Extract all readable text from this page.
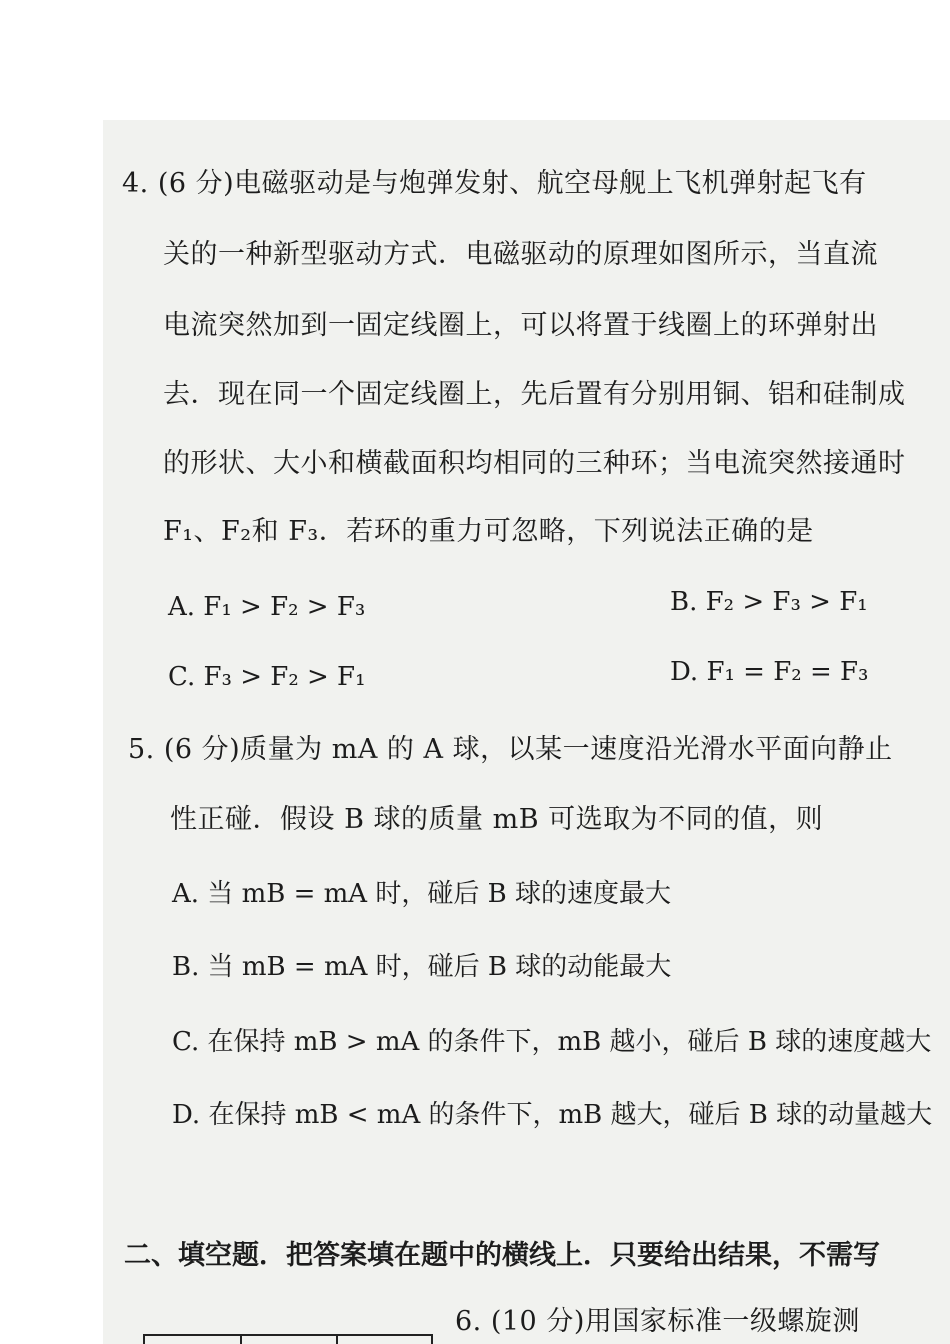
4. (6 分)电磁驱动是与炮弹发射、航空母舰上飞机弹射起飞有
关的一种新型驱动方式．电磁驱动的原理如图所示，当直流
电流突然加到一固定线圈上，可以将置于线圈上的环弹射出
去．现在同一个固定线圈上，先后置有分别用铜、铝和硅制成
的形状、大小和横截面积均相同的三种环；当电流突然接通时
F₁、F₂和 F₃．若环的重力可忽略，下列说法正确的是
A. F₁ > F₂ > F₃	B. F₂ > F₃ > F₁
C. F₃ > F₂ > F₁	D. F₁ = F₂ = F₃
5. (6 分)质量为 mA 的 A 球，以某一速度沿光滑水平面向静止
性正碰．假设 B 球的质量 mB 可选取为不同的值，则
A. 当 mB = mA 时，碰后 B 球的速度最大
B. 当 mB = mA 时，碰后 B 球的动能最大
C. 在保持 mB > mA 的条件下，mB 越小，碰后 B 球的速度越大
D. 在保持 mB < mA 的条件下，mB 越大，碰后 B 球的动量越大
二、填空题．把答案填在题中的横线上．只要给出结果，不需写
6. (10 分)用国家标准一级螺旋测
